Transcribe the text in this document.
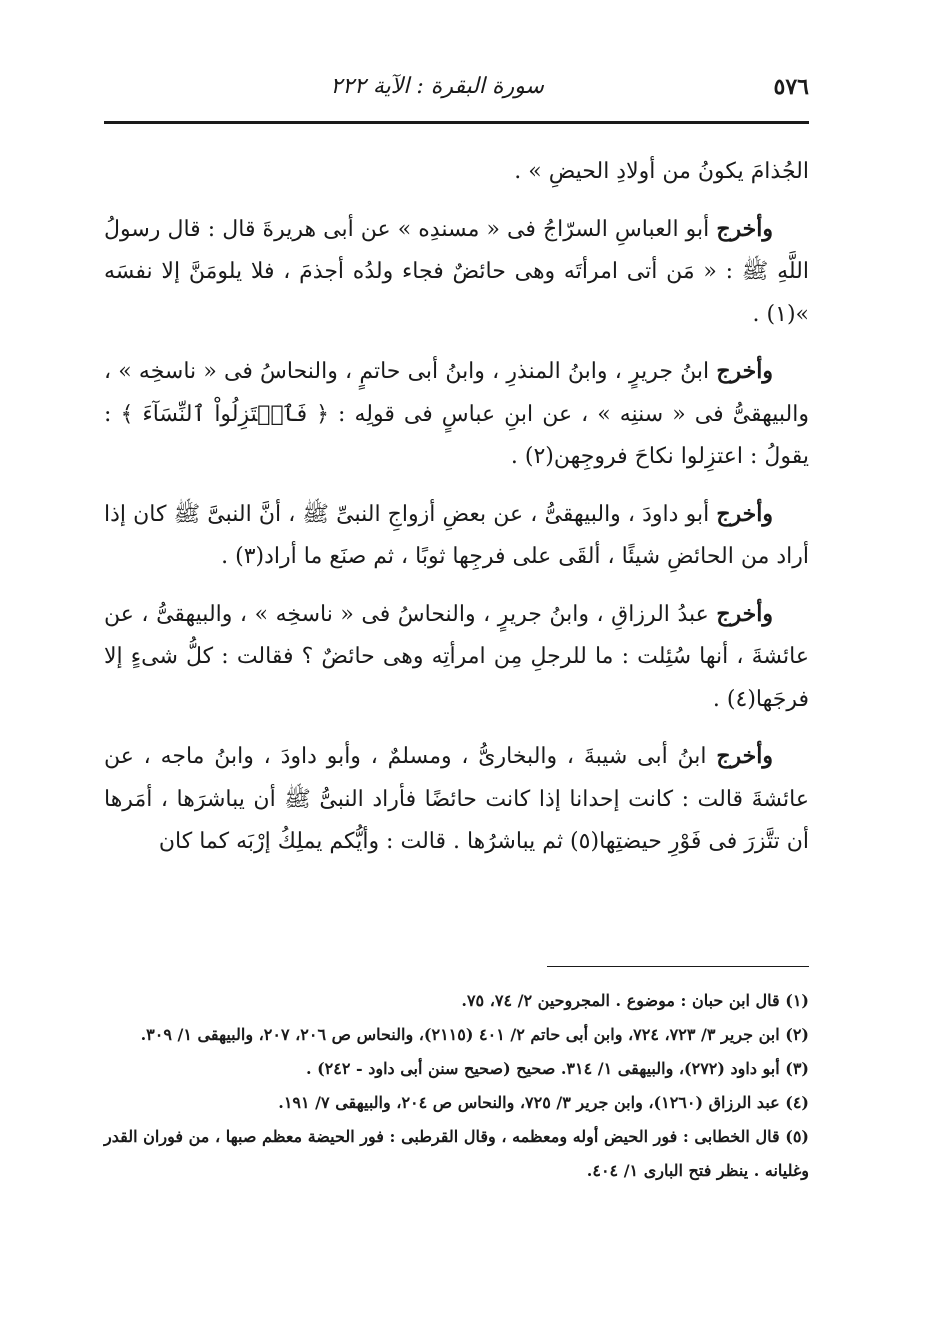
٥٧٦
سورة البقرة : الآية ٢٢٢

الجُذامَ يكونُ من أولادِ الحيضِ » .

وأخرج أبو العباسِ السرّاجُ فى « مسندِه » عن أبى هريرةَ قال : قال رسولُ اللَّهِ ﷺ : « مَن أتى امرأتَه وهى حائضٌ فجاء ولدُه أجذمَ ، فلا يلومَنَّ إلا نفسَه »(١) .

وأخرج ابنُ جريرٍ ، وابنُ المنذرِ ، وابنُ أبى حاتمٍ ، والنحاسُ فى « ناسخِه » ، والبيهقىُّ فى « سننِه » ، عن ابنِ عباسٍ فى قولِه : ﴿ فَٱعۡتَزِلُواْ ٱلنِّسَآءَ ﴾ : يقولُ : اعتزِلوا نكاحَ فروجِهن(٢) .

وأخرج أبو داودَ ، والبيهقىُّ ، عن بعضِ أزواجِ النبىِّ ﷺ ، أنَّ النبىَّ ﷺ كان إذا أراد من الحائضِ شيئًا ، ألقَى على فرجِها ثوبًا ، ثم صنَع ما أراد(٣) .

وأخرج عبدُ الرزاقِ ، وابنُ جريرٍ ، والنحاسُ فى « ناسخِه » ، والبيهقىُّ ، عن عائشةَ ، أنها سُئِلت : ما للرجلِ مِن امرأتِه وهى حائضٌ ؟ فقالت : كلُّ شىءٍ إلا فرجَها(٤) .

وأخرج ابنُ أبى شيبةَ ، والبخارىُّ ، ومسلمٌ ، وأبو داودَ ، وابنُ ماجه ، عن عائشةَ قالت : كانت إحدانا إذا كانت حائضًا فأراد النبىُّ ﷺ أن يباشرَها ، أمَرها أن تتَّزرَ فى فَوْرِ حيضتِها(٥) ثم يباشرُها . قالت : وأيُّكم يملِكُ إرْبَه كما كان

(١) قال ابن حبان : موضوع . المجروحين ٢/ ٧٤، ٧٥.

(٢) ابن جرير ٣/ ٧٢٣، ٧٢٤، وابن أبى حاتم ٢/ ٤٠١ (٢١١٥)، والنحاس ص ٢٠٦، ٢٠٧، والبيهقى ١/ ٣٠٩.

(٣) أبو داود (٢٧٢)، والبيهقى ١/ ٣١٤. صحيح (صحيح سنن أبى داود - ٢٤٢) .

(٤) عبد الرزاق (١٢٦٠)، وابن جرير ٣/ ٧٢٥، والنحاس ص ٢٠٤، والبيهقى ٧/ ١٩١.

(٥) قال الخطابى : فور الحيض أوله ومعظمه ، وقال القرطبى : فور الحيضة معظم صبها ، من فوران القدر وغليانه . ينظر فتح البارى ١/ ٤٠٤.
